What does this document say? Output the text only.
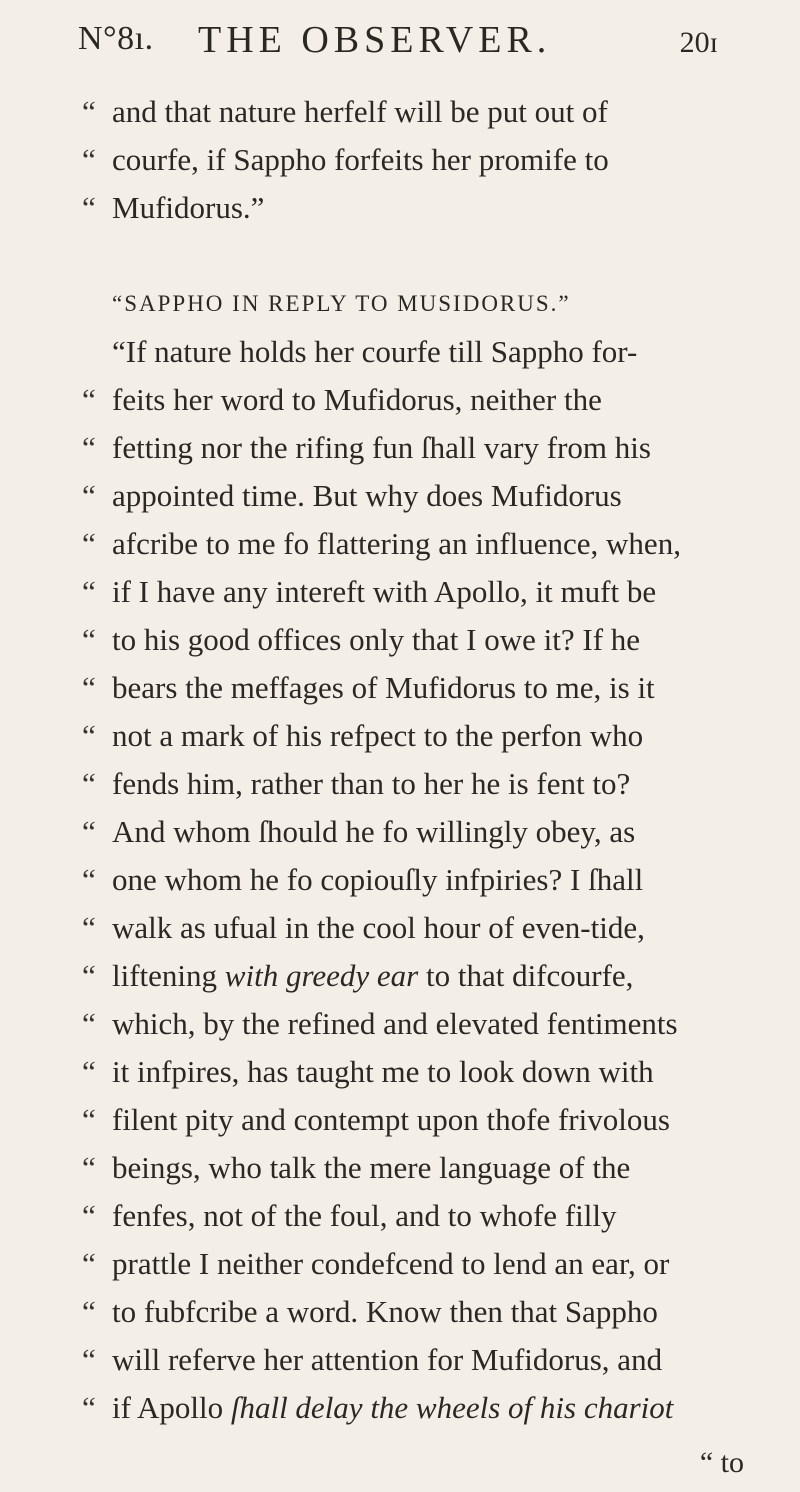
N°8ı. THE OBSERVER.	20ɪ
“ and that nature herfelf will be put out of
“ courfe, if Sappho forfeits her promife to
“ Mufidorus.”
“SAPPHO IN REPLY TO MUSIDORUS.”
“If nature holds her courfe till Sappho for-
“ feits her word to Mufidorus, neither the
“ fetting nor the rifing fun ſhall vary from his
“ appointed time. But why does Mufidorus
“ afcribe to me fo flattering an influence, when,
“ if I have any intereft with Apollo, it muft be
“ to his good offices only that I owe it? If he
“ bears the meffages of Mufidorus to me, is it
“ not a mark of his refpect to the perfon who
“ fends him, rather than to her he is fent to?
“ And whom ſhould he fo willingly obey, as
“ one whom he fo copiouſly infpiries? I ſhall
“ walk as ufual in the cool hour of even-tide,
“ liftening with greedy ear to that difcourfe,
“ which, by the refined and elevated fentiments
“ it infpires, has taught me to look down with
“ filent pity and contempt upon thofe frivolous
“ beings, who talk the mere language of the
“ fenfes, not of the foul, and to whofe filly
“ prattle I neither condefcend to lend an ear, or
“ to fubfcribe a word. Know then that Sappho
“ will referve her attention for Mufidorus, and
“ if Apollo ſhall delay the wheels of his chariot
“ to
